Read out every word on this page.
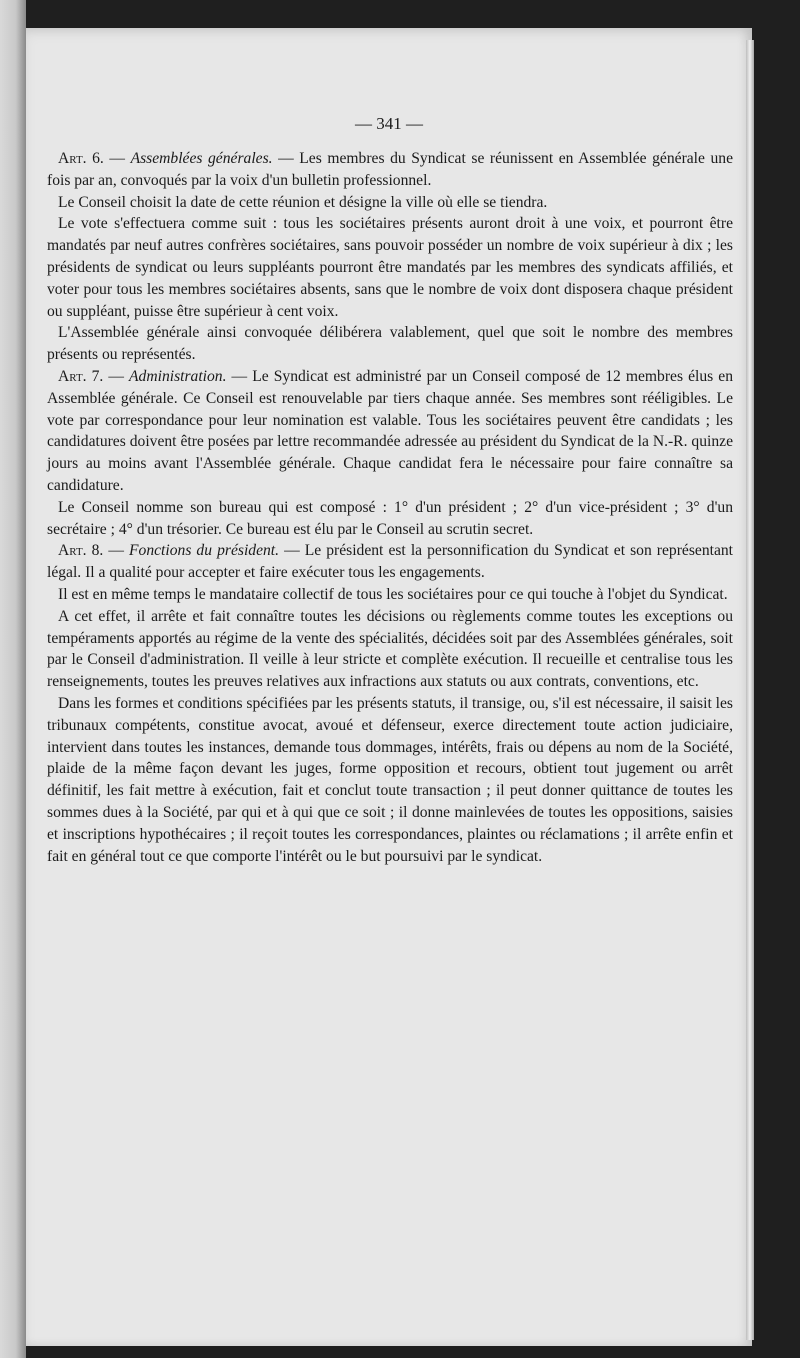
— 341 —

Art. 6. — Assemblées générales. — Les membres du Syndicat se réunissent en Assemblée générale une fois par an, convoqués par la voix d'un bulletin professionnel.

Le Conseil choisit la date de cette réunion et désigne la ville où elle se tiendra.

Le vote s'effectuera comme suit : tous les sociétaires présents auront droit à une voix, et pourront être mandatés par neuf autres confrères sociétaires, sans pouvoir posséder un nombre de voix supérieur à dix ; les présidents de syndicat ou leurs suppléants pourront être mandatés par les membres des syndicats affiliés, et voter pour tous les membres sociétaires absents, sans que le nombre de voix dont disposera chaque président ou suppléant, puisse être supérieur à cent voix.

L'Assemblée générale ainsi convoquée délibérera valablement, quel que soit le nombre des membres présents ou représentés.

Art. 7. — Administration. — Le Syndicat est administré par un Conseil composé de 12 membres élus en Assemblée générale. Ce Conseil est renouvelable par tiers chaque année. Ses membres sont rééligibles. Le vote par correspondance pour leur nomination est valable. Tous les sociétaires peuvent être candidats ; les candidatures doivent être posées par lettre recommandée adressée au président du Syndicat de la N.-R. quinze jours au moins avant l'Assemblée générale. Chaque candidat fera le nécessaire pour faire connaître sa candidature.

Le Conseil nomme son bureau qui est composé : 1° d'un président ; 2° d'un vice-président ; 3° d'un secrétaire ; 4° d'un trésorier. Ce bureau est élu par le Conseil au scrutin secret.

Art. 8. — Fonctions du président. — Le président est la personnification du Syndicat et son représentant légal. Il a qualité pour accepter et faire exécuter tous les engagements.

Il est en même temps le mandataire collectif de tous les sociétaires pour ce qui touche à l'objet du Syndicat.

A cet effet, il arrête et fait connaître toutes les décisions ou règlements comme toutes les exceptions ou tempéraments apportés au régime de la vente des spécialités, décidées soit par des Assemblées générales, soit par le Conseil d'administration. Il veille à leur stricte et complète exécution. Il recueille et centralise tous les renseignements, toutes les preuves relatives aux infractions aux statuts ou aux contrats, conventions, etc.

Dans les formes et conditions spécifiées par les présents statuts, il transige, ou, s'il est nécessaire, il saisit les tribunaux compétents, constitue avocat, avoué et défenseur, exerce directement toute action judiciaire, intervient dans toutes les instances, demande tous dommages, intérêts, frais ou dépens au nom de la Société, plaide de la même façon devant les juges, forme opposition et recours, obtient tout jugement ou arrêt définitif, les fait mettre à exécution, fait et conclut toute transaction ; il peut donner quittance de toutes les sommes dues à la Société, par qui et à qui que ce soit ; il donne mainlevées de toutes les oppositions, saisies et inscriptions hypothécaires ; il reçoit toutes les correspondances, plaintes ou réclamations ; il arrête enfin et fait en général tout ce que comporte l'intérêt ou le but poursuivi par le syndicat.
